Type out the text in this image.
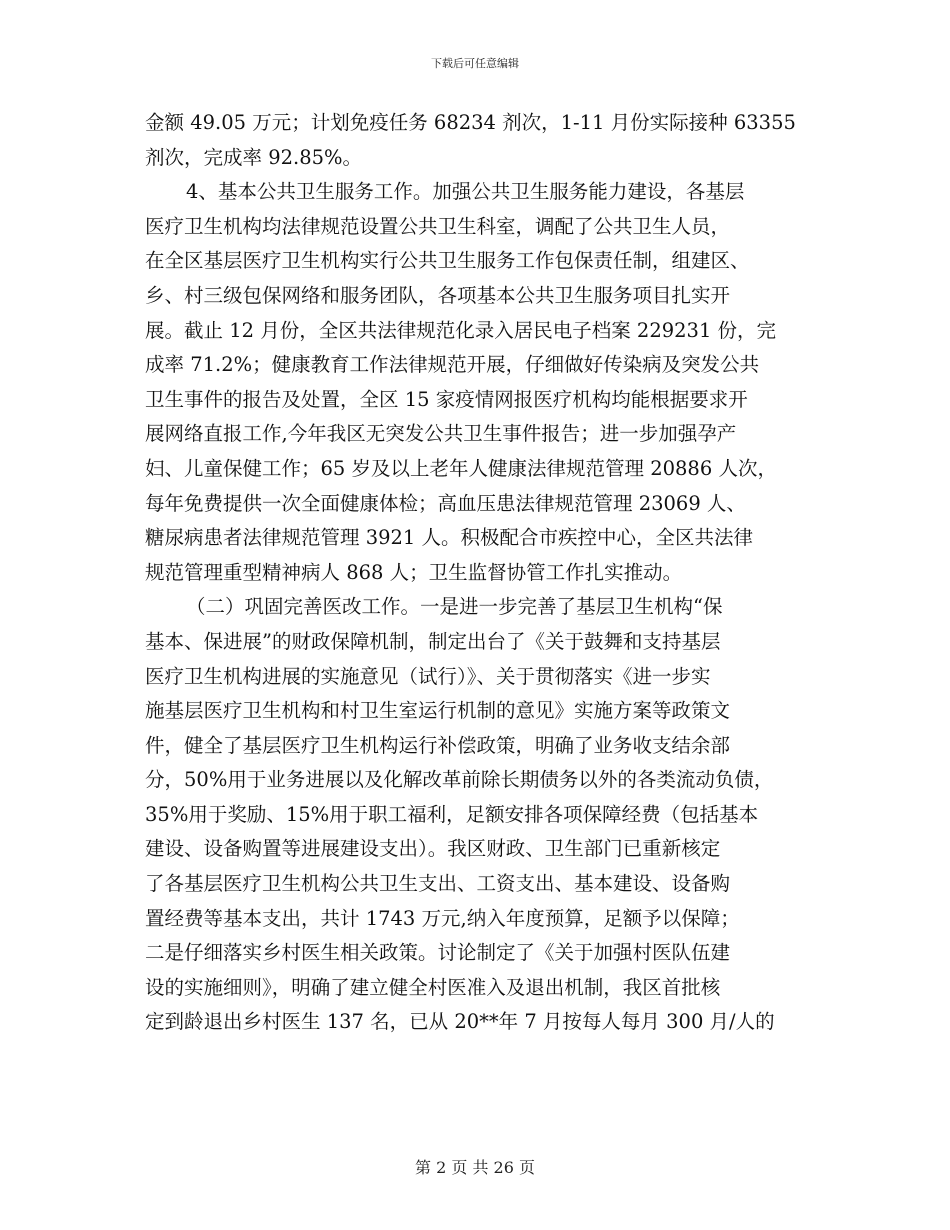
下载后可任意编辑
金额 49.05 万元；计划免疫任务 68234 剂次，1-11 月份实际接种 63355
剂次，完成率 92.85%。
4、基本公共卫生服务工作。加强公共卫生服务能力建设，各基层
医疗卫生机构均法律规范设置公共卫生科室，调配了公共卫生人员，
在全区基层医疗卫生机构实行公共卫生服务工作包保责任制，组建区、
乡、村三级包保网络和服务团队，各项基本公共卫生服务项目扎实开
展。截止 12 月份，全区共法律规范化录入居民电子档案 229231 份，完
成率 71.2%；健康教育工作法律规范开展，仔细做好传染病及突发公共
卫生事件的报告及处置，全区 15 家疫情网报医疗机构均能根据要求开
展网络直报工作,今年我区无突发公共卫生事件报告；进一步加强孕产
妇、儿童保健工作；65 岁及以上老年人健康法律规范管理 20886 人次，
每年免费提供一次全面健康体检；高血压患法律规范管理 23069 人、
糖尿病患者法律规范管理 3921 人。积极配合市疾控中心，全区共法律
规范管理重型精神病人 868 人；卫生监督协管工作扎实推动。
（二）巩固完善医改工作。一是进一步完善了基层卫生机构“保
基本、保进展”的财政保障机制，制定出台了《关于鼓舞和支持基层
医疗卫生机构进展的实施意见（试行）》、关于贯彻落实《进一步实
施基层医疗卫生机构和村卫生室运行机制的意见》实施方案等政策文
件，健全了基层医疗卫生机构运行补偿政策，明确了业务收支结余部
分，50%用于业务进展以及化解改革前除长期债务以外的各类流动负债，
35%用于奖励、15%用于职工福利，足额安排各项保障经费（包括基本
建设、设备购置等进展建设支出）。我区财政、卫生部门已重新核定
了各基层医疗卫生机构公共卫生支出、工资支出、基本建设、设备购
置经费等基本支出，共计 1743 万元,纳入年度预算，足额予以保障；
二是仔细落实乡村医生相关政策。讨论制定了《关于加强村医队伍建
设的实施细则》，明确了建立健全村医准入及退出机制，我区首批核
定到龄退出乡村医生 137 名，已从 20**年 7 月按每人每月 300 月/人的
第 2 页 共 26 页
